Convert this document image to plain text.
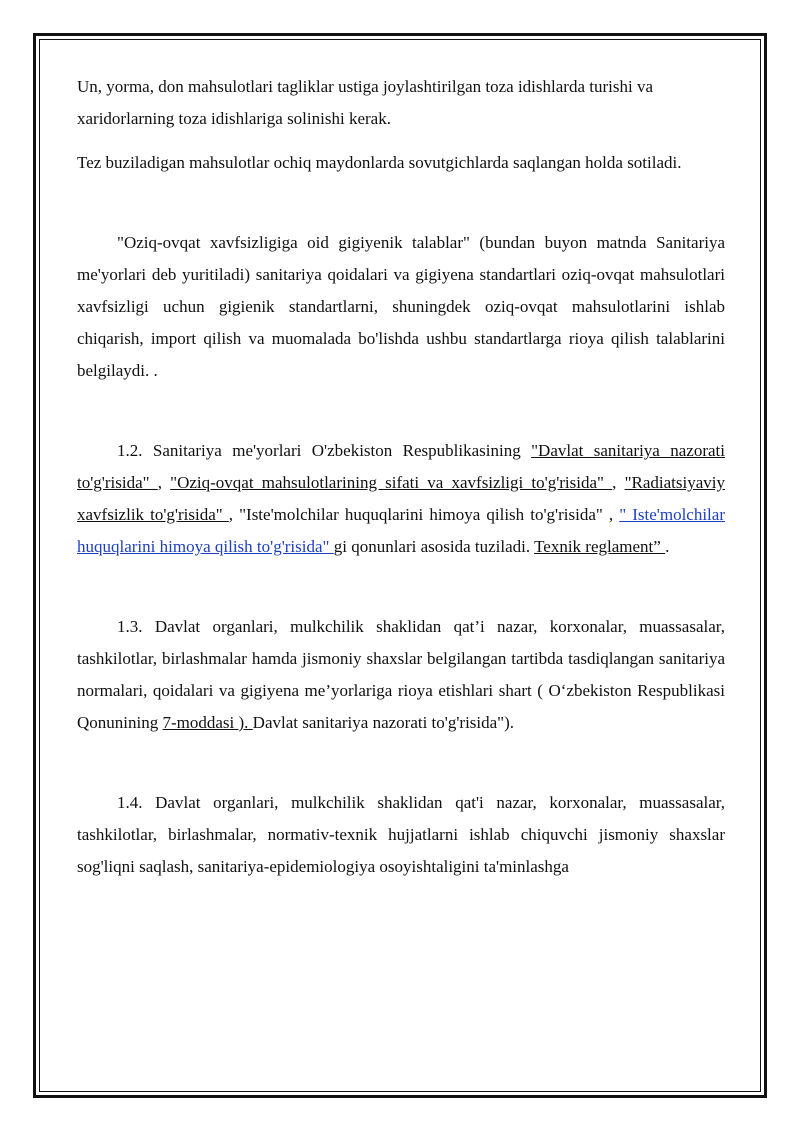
Un, yorma, don mahsulotlari tagliklar ustiga joylashtirilgan toza idishlarda turishi va xaridorlarning toza idishlariga solinishi kerak.

Tez buziladigan mahsulotlar ochiq maydonlarda sovutgichlarda saqlangan holda sotiladi.

"Oziq-ovqat xavfsizligiga oid gigiyenik talablar" (bundan buyon matnda Sanitariya me'yorlari deb yuritiladi) sanitariya qoidalari va gigiyena standartlari oziq-ovqat mahsulotlari xavfsizligi uchun gigienik standartlarni, shuningdek oziq-ovqat mahsulotlarini ishlab chiqarish, import qilish va muomalada bo'lishda ushbu standartlarga rioya qilish talablarini belgilaydi. .

1.2. Sanitariya me'yorlari O'zbekiston Respublikasining "Davlat sanitariya nazorati to'g'risida" , "Oziq-ovqat mahsulotlarining sifati va xavfsizligi to'g'risida" , "Radiatsiyaviy xavfsizlik to'g'risida" , "Iste'molchilar huquqlarini himoya qilish to'g'risida" , " Iste'molchilar huquqlarini himoya qilish to'g'risida" gi qonunlari asosida tuziladi. Texnik reglament” .

1.3. Davlat organlari, mulkchilik shaklidan qat’i nazar, korxonalar, muassasalar, tashkilotlar, birlashmalar hamda jismoniy shaxslar belgilangan tartibda tasdiqlangan sanitariya normalari, qoidalari va gigiyena me’yorlariga rioya etishlari shart ( O‘zbekiston Respublikasi Qonunining 7-moddasi ). Davlat sanitariya nazorati to'g'risida").

1.4. Davlat organlari, mulkchilik shaklidan qat'i nazar, korxonalar, muassasalar, tashkilotlar, birlashmalar, normativ-texnik hujjatlarni ishlab chiquvchi jismoniy shaxslar sog'liqni saqlash, sanitariya-epidemiologiya osoyishtaligini ta'minlashga
